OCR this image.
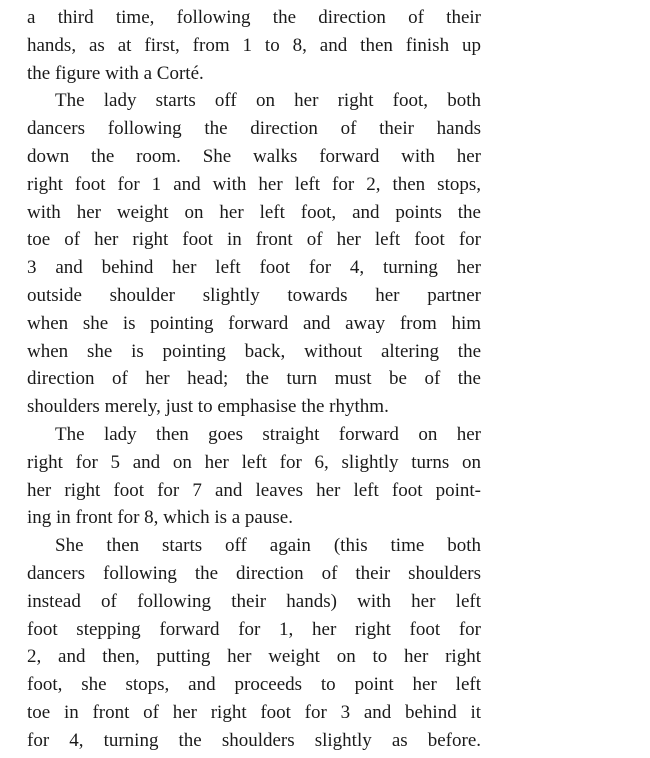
a third time, following the direction of their
hands, as at first, from 1 to 8, and then finish up
the figure with a Corté.
The lady starts off on her right foot, both
dancers following the direction of their hands
down the room. She walks forward with her
right foot for 1 and with her left for 2, then stops,
with her weight on her left foot, and points the
toe of her right foot in front of her left foot for
3 and behind her left foot for 4, turning her
outside shoulder slightly towards her partner
when she is pointing forward and away from him
when she is pointing back, without altering the
direction of her head; the turn must be of the
shoulders merely, just to emphasise the rhythm.
The lady then goes straight forward on her
right for 5 and on her left for 6, slightly turns on
her right foot for 7 and leaves her left foot point-
ing in front for 8, which is a pause.
She then starts off again (this time both
dancers following the direction of their shoulders
instead of following their hands) with her left
foot stepping forward for 1, her right foot for
2, and then, putting her weight on to her right
foot, she stops, and proceeds to point her left
toe in front of her right foot for 3 and behind it
for 4, turning the shoulders slightly as before.
